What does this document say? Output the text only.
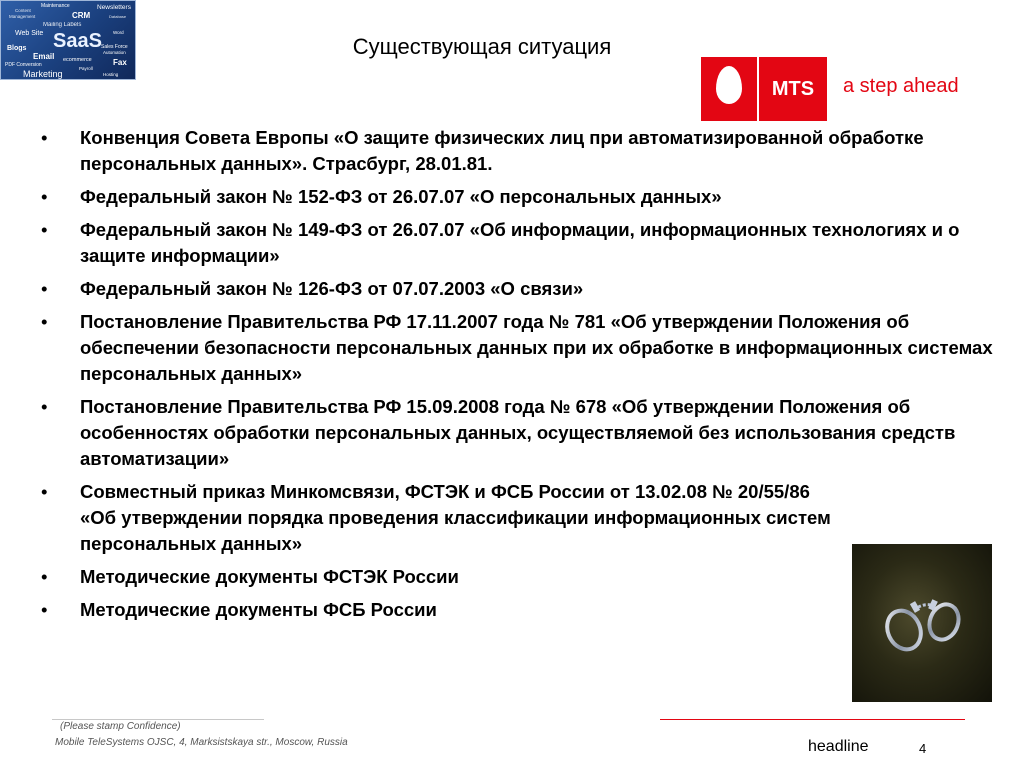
Maintenance	Newsletters
Content
CRM
Management	Database
Mailing Labels
Web Site	Word
SaaS
Blogs	Sales Force
Automation
Email ecommerce	Fax
PDF Conversion
Payroll
Marketing	Hosting
Существующая ситуация
MTS	a step ahead
• Конвенция Совета Европы «О защите физических лиц при автоматизированной обработке персональных данных». Страсбург, 28.01.81.
• Федеральный закон № 152-ФЗ от 26.07.07 «О персональных данных»
• Федеральный закон № 149-ФЗ от 26.07.07 «Об информации, информационных технологиях и о защите информации»
• Федеральный закон № 126-ФЗ от 07.07.2003 «О связи»
• Постановление Правительства РФ 17.11.2007 года № 781 «Об утверждении Положения об обеспечении безопасности персональных данных при их обработке в информационных системах персональных данных»
• Постановление Правительства РФ 15.09.2008 года № 678 «Об утверждении Положения об особенностях обработки персональных данных, осуществляемой без использования средств автоматизации»
• Совместный приказ Минкомсвязи, ФСТЭК и ФСБ России от 13.02.08 № 20/55/86 «Об утверждении порядка проведения классификации информационных систем персональных данных»
• Методические документы ФСТЭК России
• Методические документы ФСБ России
(Please stamp Confidence)
Mobile TeleSystems OJSC, 4, Marksistskaya str., Moscow, Russia	headline	4
